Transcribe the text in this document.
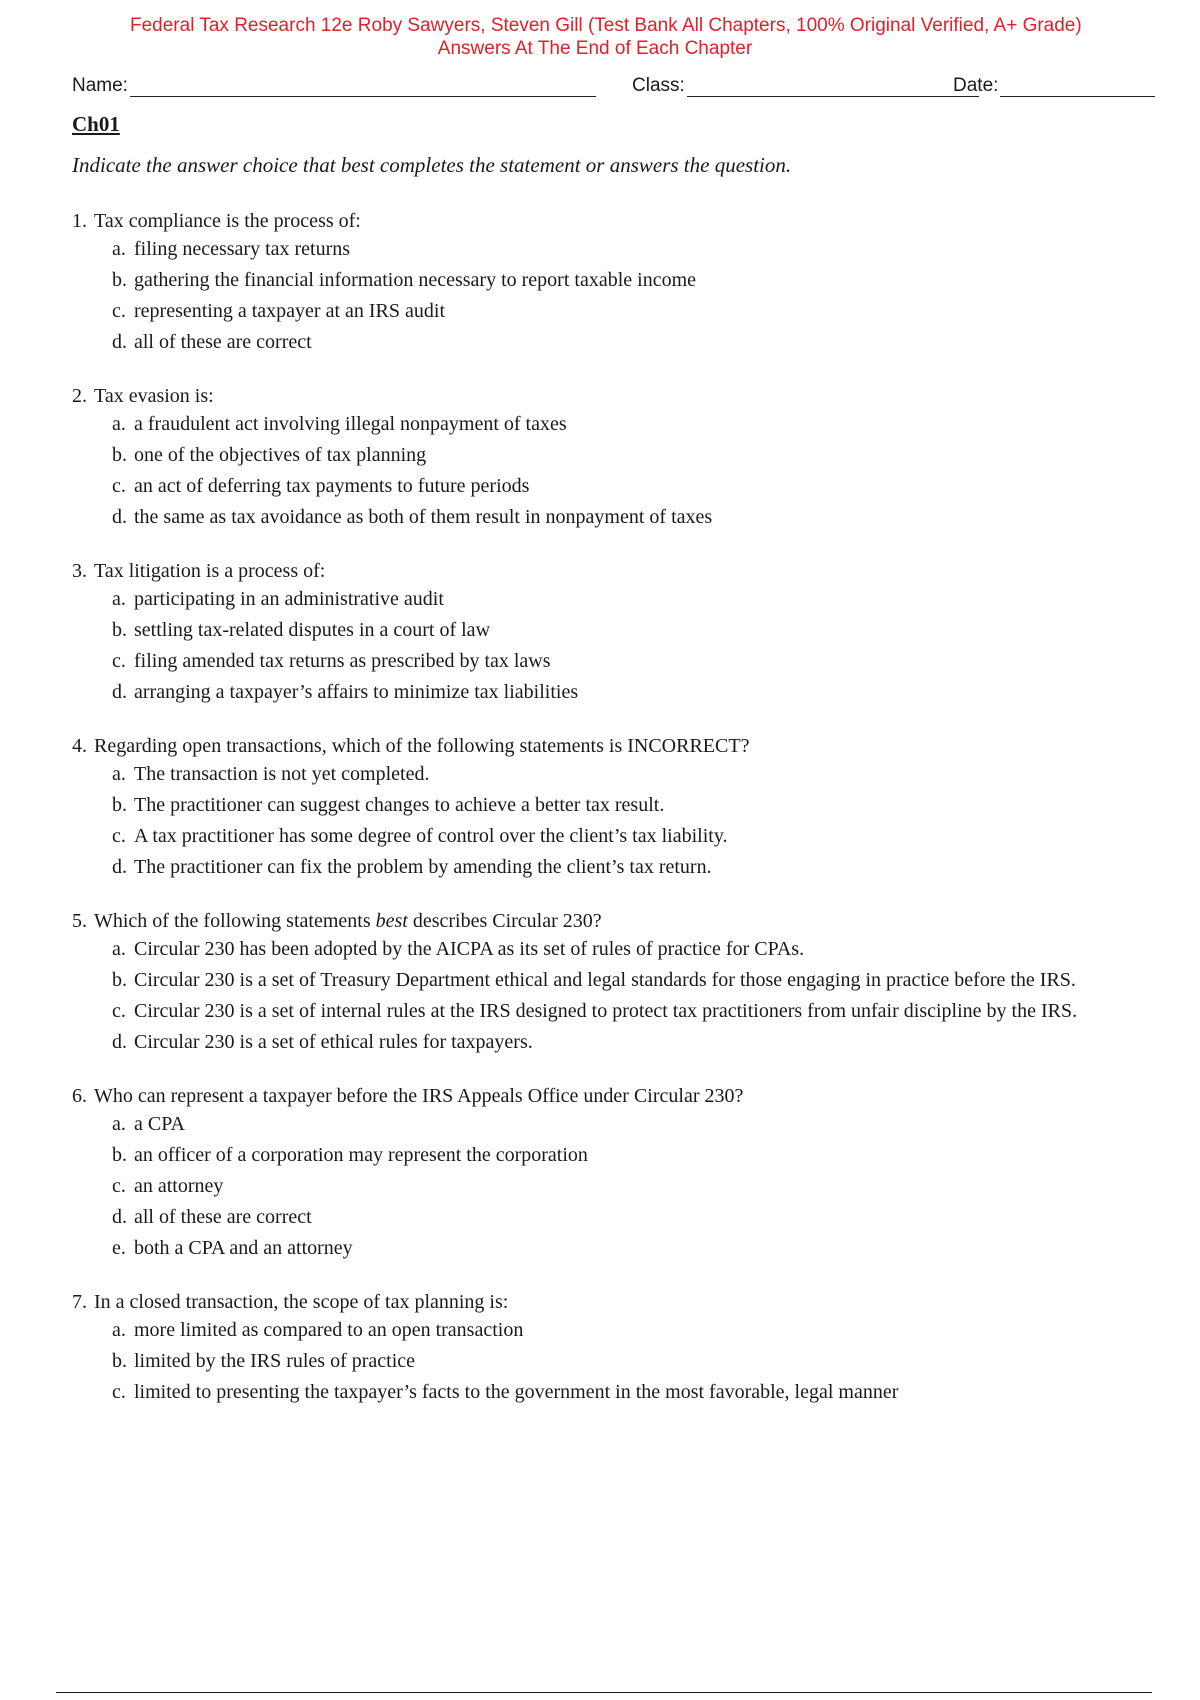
Federal Tax Research 12e Roby Sawyers, Steven Gill (Test Bank All Chapters, 100% Original Verified, A+ Grade)
Answers At The End of Each Chapter
Name:	Class:	Date:
Ch01
Indicate the answer choice that best completes the statement or answers the question.
1. Tax compliance is the process of:
a. filing necessary tax returns
b. gathering the financial information necessary to report taxable income
c. representing a taxpayer at an IRS audit
d. all of these are correct
2. Tax evasion is:
a. a fraudulent act involving illegal nonpayment of taxes
b. one of the objectives of tax planning
c. an act of deferring tax payments to future periods
d. the same as tax avoidance as both of them result in nonpayment of taxes
3. Tax litigation is a process of:
a. participating in an administrative audit
b. settling tax-related disputes in a court of law
c. filing amended tax returns as prescribed by tax laws
d. arranging a taxpayer’s affairs to minimize tax liabilities
4. Regarding open transactions, which of the following statements is INCORRECT?
a. The transaction is not yet completed.
b. The practitioner can suggest changes to achieve a better tax result.
c. A tax practitioner has some degree of control over the client’s tax liability.
d. The practitioner can fix the problem by amending the client’s tax return.
5. Which of the following statements best describes Circular 230?
a. Circular 230 has been adopted by the AICPA as its set of rules of practice for CPAs.
b. Circular 230 is a set of Treasury Department ethical and legal standards for those engaging in practice before the IRS.
c. Circular 230 is a set of internal rules at the IRS designed to protect tax practitioners from unfair discipline by the IRS.
d. Circular 230 is a set of ethical rules for taxpayers.
6. Who can represent a taxpayer before the IRS Appeals Office under Circular 230?
a. a CPA
b. an officer of a corporation may represent the corporation
c. an attorney
d. all of these are correct
e. both a CPA and an attorney
7. In a closed transaction, the scope of tax planning is:
a. more limited as compared to an open transaction
b. limited by the IRS rules of practice
c. limited to presenting the taxpayer’s facts to the government in the most favorable, legal manner
